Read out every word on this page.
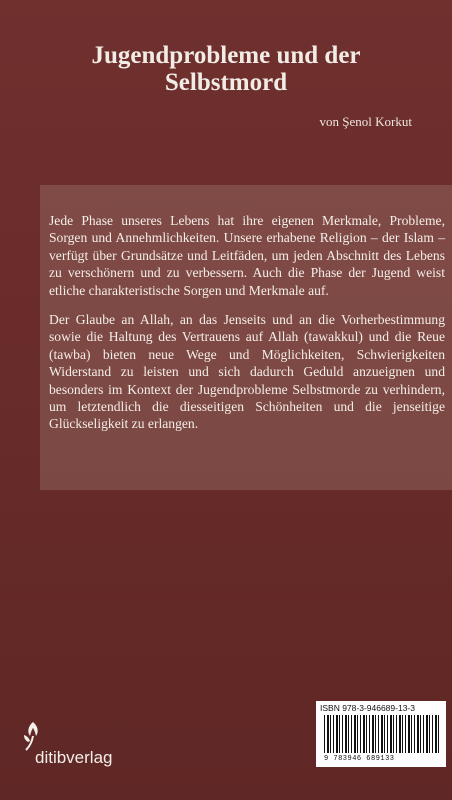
Jugendprobleme und der
Selbstmord
von Şenol Korkut

Jede Phase unseres Lebens hat ihre eigenen Merkmale, Probleme, Sorgen und Annehmlichkeiten. Unsere erhabene Religion – der Islam – verfügt über Grundsätze und Leitfäden, um jeden Abschnitt des Lebens zu verschönern und zu verbessern. Auch die Phase der Jugend weist etliche charakteristische Sorgen und Merkmale auf.

Der Glaube an Allah, an das Jenseits und an die Vorherbestimmung sowie die Haltung des Vertrauens auf Allah (tawakkul) und die Reue (tawba) bieten neue Wege und Möglichkeiten, Schwierigkeiten Widerstand zu leisten und sich dadurch Geduld anzueignen und besonders im Kontext der Jugendprobleme Selbstmorde zu verhindern, um letztendlich die diesseitigen Schönheiten und die jenseitige Glückseligkeit zu erlangen.

ISBN 978-3-946689-13-3
9 783946 689133
ditibverlag
